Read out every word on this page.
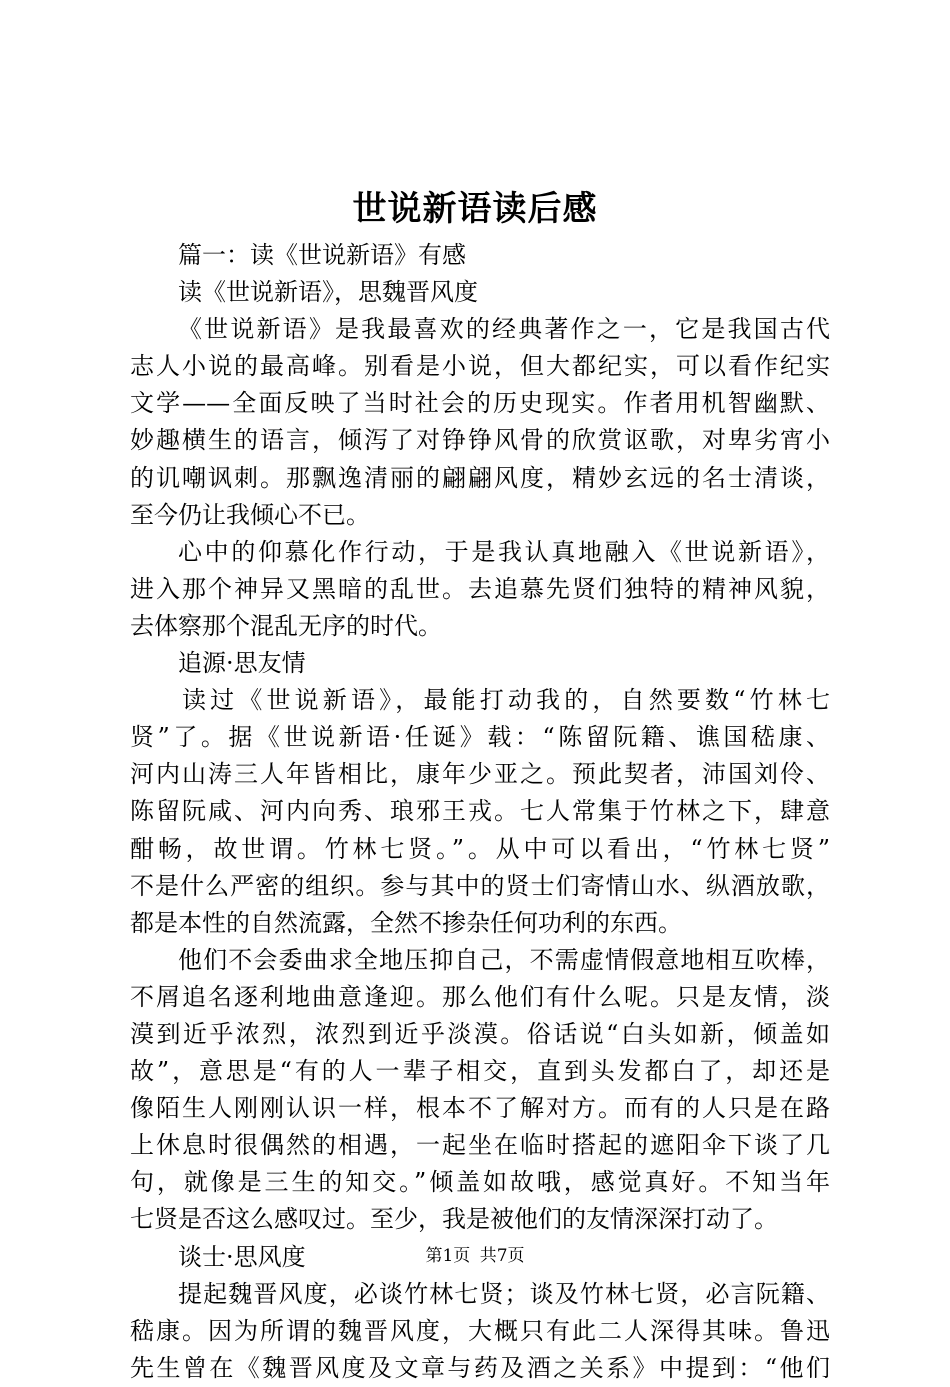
世说新语读后感
篇一：读《世说新语》有感
读《世说新语》，思魏晋风度
《世说新语》是我最喜欢的经典著作之一，它是我国古代
志人小说的最高峰。别看是小说，但大都纪实，可以看作纪实
文学——全面反映了当时社会的历史现实。作者用机智幽默、
妙趣横生的语言，倾泻了对铮铮风骨的欣赏讴歌，对卑劣宵小
的讥嘲讽刺。那飘逸清丽的翩翩风度，精妙玄远的名士清谈，
至今仍让我倾心不已。
心中的仰慕化作行动，于是我认真地融入《世说新语》，
进入那个神异又黑暗的乱世。去追慕先贤们独特的精神风貌，
去体察那个混乱无序的时代。
追源·思友情
读过《世说新语》，最能打动我的，自然要数“竹林七
贤”了。据《世说新语·任诞》载：“陈留阮籍、谯国嵇康、
河内山涛三人年皆相比，康年少亚之。预此契者，沛国刘伶、
陈留阮咸、河内向秀、琅邪王戎。七人常集于竹林之下，肆意
酣畅，故世谓。竹林七贤。”。从中可以看出，“竹林七贤”
不是什么严密的组织。参与其中的贤士们寄情山水、纵酒放歌，
都是本性的自然流露，全然不掺杂任何功利的东西。
他们不会委曲求全地压抑自己，不需虚情假意地相互吹棒，
不屑追名逐利地曲意逢迎。那么他们有什么呢。只是友情，淡
漠到近乎浓烈，浓烈到近乎淡漠。俗话说“白头如新，倾盖如
故”，意思是“有的人一辈子相交，直到头发都白了，却还是
像陌生人刚刚认识一样，根本不了解对方。而有的人只是在路
上休息时很偶然的相遇，一起坐在临时搭起的遮阳伞下谈了几
句，就像是三生的知交。”倾盖如故哦，感觉真好。不知当年
七贤是否这么感叹过。至少，我是被他们的友情深深打动了。
谈士·思风度
提起魏晋风度，必谈竹林七贤；谈及竹林七贤，必言阮籍、
嵇康。因为所谓的魏晋风度，大概只有此二人深得其味。鲁迅
先生曾在《魏晋风度及文章与药及酒之关系》中提到：“他们
第1页 共7页
